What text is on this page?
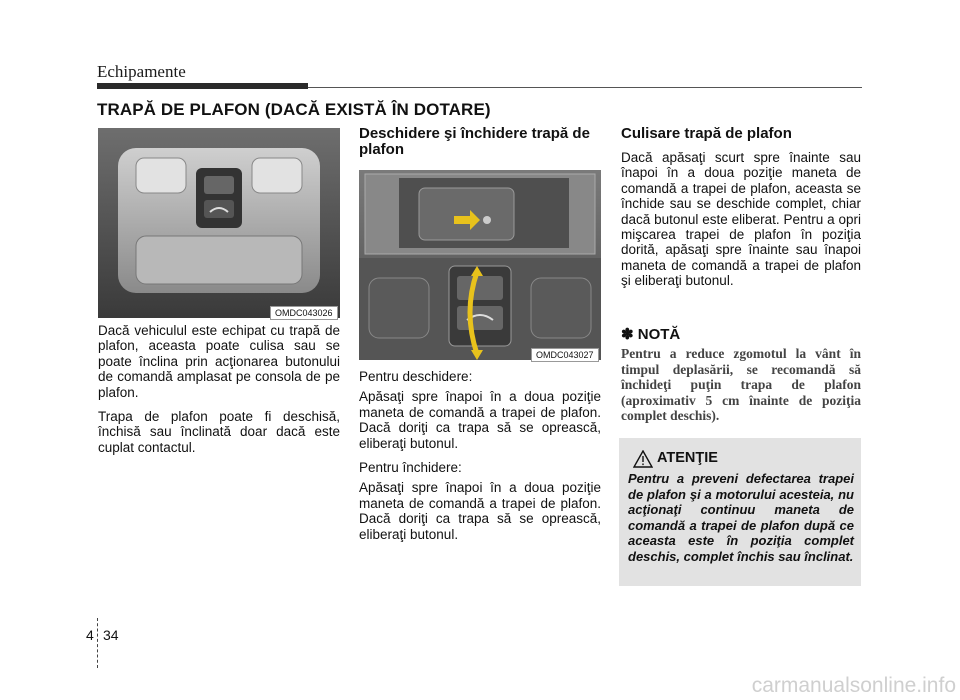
Echipamente
TRAPĂ DE PLAFON (DACĂ EXISTĂ ÎN DOTARE)
OMDC043026

Dacă vehiculul este echipat cu trapă de plafon, aceasta poate culisa sau se poate înclina prin acţionarea butonului de comandă amplasat pe consola de pe plafon.

Trapa de plafon poate fi deschisă, închisă sau înclinată doar dacă este cuplat contactul.

Deschidere şi închidere trapă de plafon
OMDC043027

Pentru deschidere:

Apăsaţi spre înapoi în a doua poziţie maneta de comandă a trapei de plafon. Dacă doriţi ca trapa să se oprească, eliberaţi butonul.

Pentru închidere:

Apăsaţi spre înapoi în a doua poziţie maneta de comandă a trapei de plafon. Dacă doriţi ca trapa să se oprească, eliberaţi butonul.

Culisare trapă de plafon

Dacă apăsaţi scurt spre înainte sau înapoi în a doua poziţie maneta de comandă a trapei de plafon, aceasta se închide sau se deschide complet, chiar dacă butonul este eliberat. Pentru a opri mişcarea trapei de plafon în poziţia dorită, apăsaţi spre înainte sau înapoi maneta de comandă a trapei de plafon şi eliberaţi butonul.

✽ NOTĂ
Pentru a reduce zgomotul la vânt în timpul deplasării, se recomandă să închideţi puţin trapa de plafon (aproximativ 5 cm înainte de poziţia complet deschis).
ATENŢIE
Pentru a preveni defectarea trapei de plafon şi a motorului acesteia, nu acţionaţi continuu maneta de comandă a trapei de plafon după ce aceasta este în poziţia complet deschis, complet închis sau înclinat.
4 34
carmanualsonline.info
